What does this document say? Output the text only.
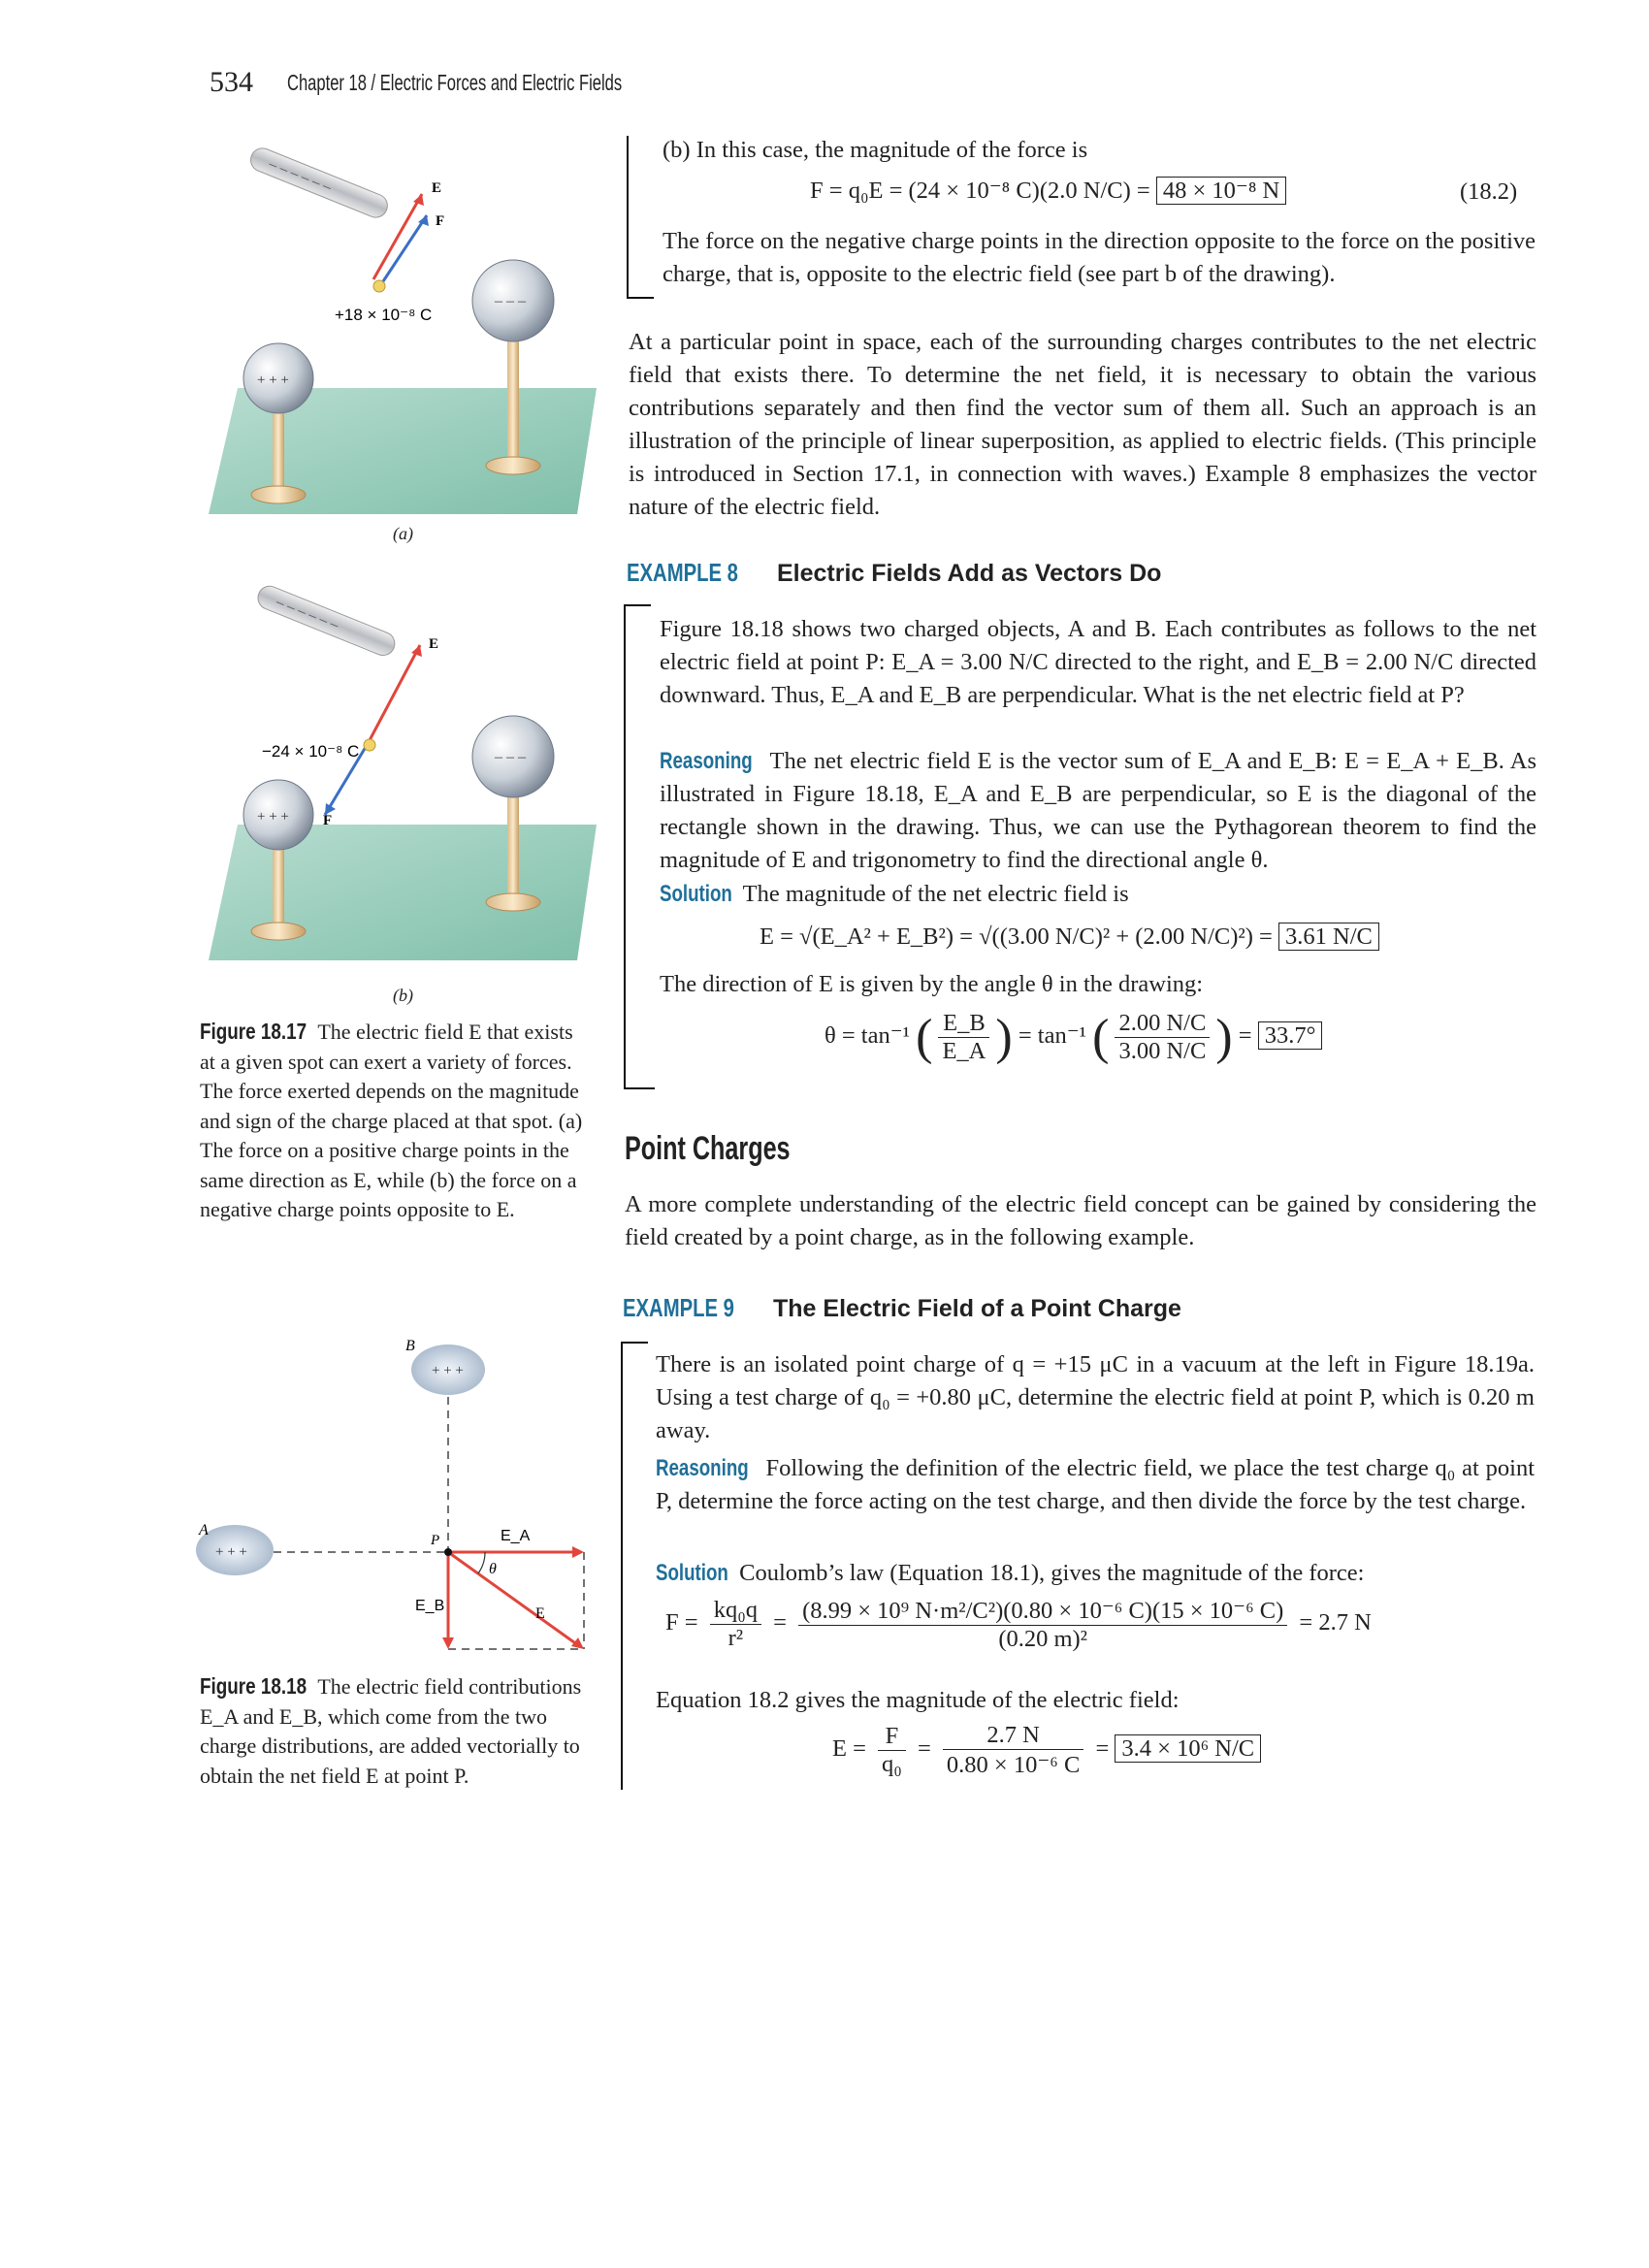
534 Chapter 18 / Electric Forces and Electric Fields
– – – – – –	E
F
+18 × 10⁻⁸ C
– – –
+ + +
(a)
– – – – – –
E
F
−24 × 10⁻⁸ C	– – –
+ + +
(b)
Figure 18.17 The electric field E that exists at a given spot can exert a variety of forces. The force exerted depends on the magnitude and sign of the charge placed at that spot. (a) The force on a positive charge points in the same direction as E, while (b) the force on a negative charge points opposite to E.
+ + +
B
+ + +
A
P	E_A
E_B	E
θ
Figure 18.18 The electric field contributions E_A and E_B, which come from the two charge distributions, are added vectorially to obtain the net field E at point P.
(b) In this case, the magnitude of the force is
F = q₀E = (24 × 10⁻⁸ C)(2.0 N/C) = 48 × 10⁻⁸ N	(18.2)
The force on the negative charge points in the direction opposite to the force on the positive charge, that is, opposite to the electric field (see part b of the drawing).
At a particular point in space, each of the surrounding charges contributes to the net electric field that exists there. To determine the net field, it is necessary to obtain the various contributions separately and then find the vector sum of them all. Such an approach is an illustration of the principle of linear superposition, as applied to electric fields. (This principle is introduced in Section 17.1, in connection with waves.) Example 8 emphasizes the vector nature of the electric field.
EXAMPLE 8 Electric Fields Add as Vectors Do
Figure 18.18 shows two charged objects, A and B. Each contributes as follows to the net electric field at point P: E_A = 3.00 N/C directed to the right, and E_B = 2.00 N/C directed downward. Thus, E_A and E_B are perpendicular. What is the net electric field at P?
Reasoning The net electric field E is the vector sum of E_A and E_B: E = E_A + E_B. As illustrated in Figure 18.18, E_A and E_B are perpendicular, so E is the diagonal of the rectangle shown in the drawing. Thus, we can use the Pythagorean theorem to find the magnitude of E and trigonometry to find the directional angle θ.
Solution The magnitude of the net electric field is
E = √(E_A² + E_B²) = √((3.00 N/C)² + (2.00 N/C)²) = 3.61 N/C
The direction of E is given by the angle θ in the drawing:
θ = tan⁻¹ ( $\frac{E\_B}{E\_A}$ ) = tan⁻¹ ( $\frac{2.00 N/C}{3.00 N/C}$ ) = 33.7°
Point Charges
A more complete understanding of the electric field concept can be gained by considering the field created by a point charge, as in the following example.
EXAMPLE 9 The Electric Field of a Point Charge
There is an isolated point charge of q = +15 μC in a vacuum at the left in Figure 18.19a. Using a test charge of q₀ = +0.80 μC, determine the electric field at point P, which is 0.20 m away.
Reasoning Following the definition of the electric field, we place the test charge q₀ at point P, determine the force acting on the test charge, and then divide the force by the test charge.
Solution Coulomb’s law (Equation 18.1), gives the magnitude of the force:
$F = \frac{\text{kq₀q}}{\text{r²}} = \frac{\text{(8.99 × 10⁹ N·m²/C²)(0.80 × 10⁻⁶ C)(15 × 10⁻⁶ C)}}{\text{(0.20 m)²}} = 2.7$ N
Equation 18.2 gives the magnitude of the electric field:
$E = \frac{F}{\text{q₀}} = \frac{2.7 N}{\text{0.80 × 10⁻⁶ C}} = 3.4 \times 10^6$ N/C
